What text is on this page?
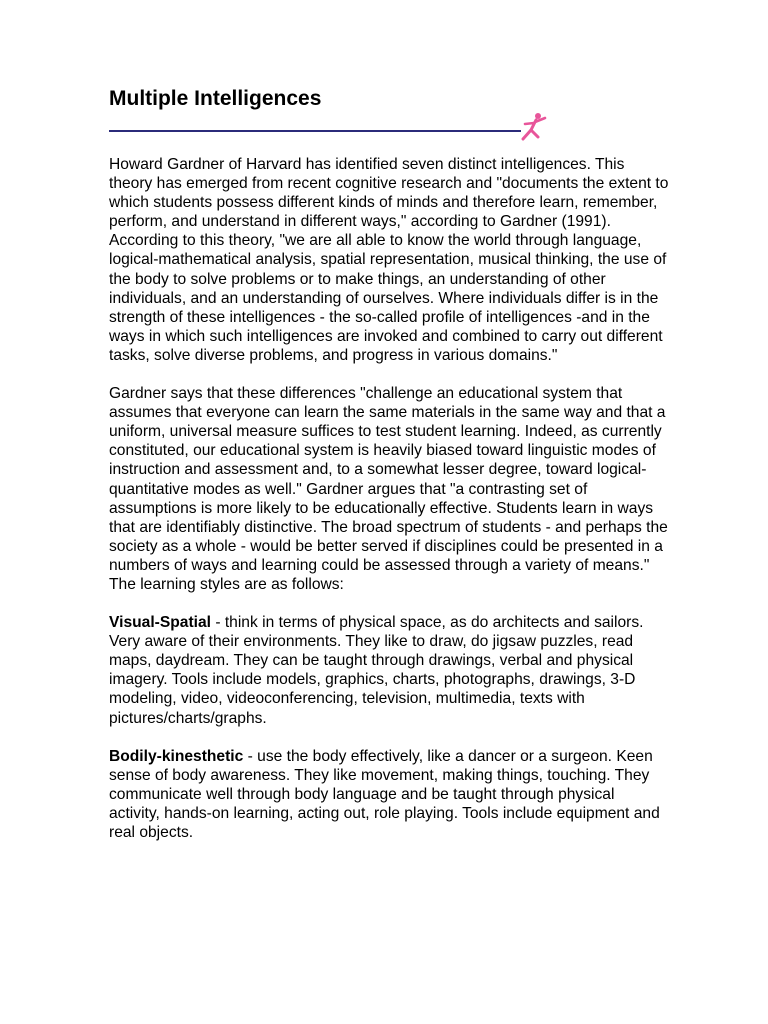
Multiple Intelligences

Howard Gardner of Harvard has identified seven distinct intelligences. This theory has emerged from recent cognitive research and "documents the extent to which students possess different kinds of minds and therefore learn, remember, perform, and understand in different ways," according to Gardner (1991). According to this theory, "we are all able to know the world through language, logical-mathematical analysis, spatial representation, musical thinking, the use of the body to solve problems or to make things, an understanding of other individuals, and an understanding of ourselves. Where individuals differ is in the strength of these intelligences - the so-called profile of intelligences -and in the ways in which such intelligences are invoked and combined to carry out different tasks, solve diverse problems, and progress in various domains."

Gardner says that these differences "challenge an educational system that assumes that everyone can learn the same materials in the same way and that a uniform, universal measure suffices to test student learning. Indeed, as currently constituted, our educational system is heavily biased toward linguistic modes of instruction and assessment and, to a somewhat lesser degree, toward logical-quantitative modes as well." Gardner argues that "a contrasting set of assumptions is more likely to be educationally effective. Students learn in ways that are identifiably distinctive. The broad spectrum of students - and perhaps the society as a whole - would be better served if disciplines could be presented in a numbers of ways and learning could be assessed through a variety of means." The learning styles are as follows:

Visual-Spatial - think in terms of physical space, as do architects and sailors. Very aware of their environments. They like to draw, do jigsaw puzzles, read maps, daydream. They can be taught through drawings, verbal and physical imagery. Tools include models, graphics, charts, photographs, drawings, 3-D modeling, video, videoconferencing, television, multimedia, texts with pictures/charts/graphs.

Bodily-kinesthetic - use the body effectively, like a dancer or a surgeon. Keen sense of body awareness. They like movement, making things, touching. They communicate well through body language and be taught through physical activity, hands-on learning, acting out, role playing. Tools include equipment and real objects.
